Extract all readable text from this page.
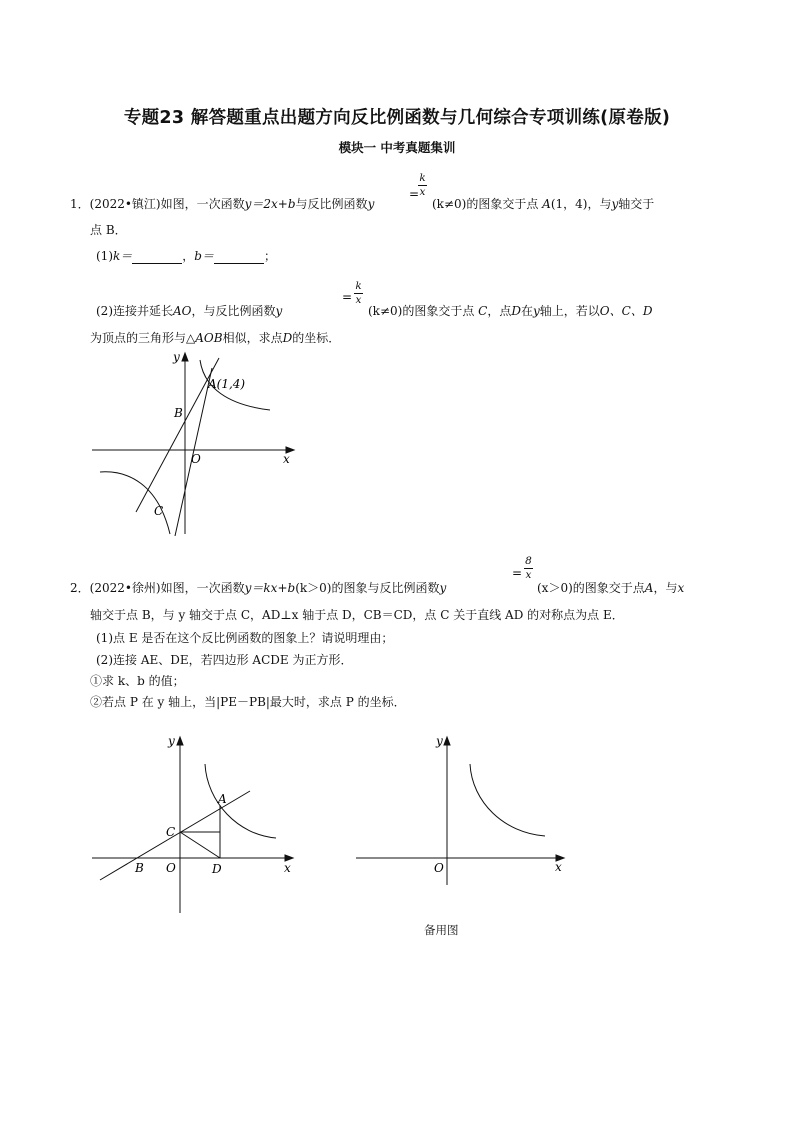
专题23 解答题重点出题方向反比例函数与几何综合专项训练(原卷版)
模块一 中考真题集训
1．(2022•镇江)如图，一次函数y＝2x+b与反比例函数y
=
k
x
(k≠0)的图象交于点 A(1，4)，与y轴交于
点 B．
(1)k＝	，b＝	；
(2)连接并延长AO，与反比例函数y
=
k
x
(k≠0)的图象交于点 C，点D在y轴上，若以O、C、D
为顶点的三角形与△AOB相似，求点D的坐标．
y
x
O
A(1,4)
B
C
2．(2022•徐州)如图，一次函数y＝kx+b(k＞0)的图象与反比例函数y
=
8
x
(x＞0)的图象交于点A，与x
轴交于点 B，与 y 轴交于点 C，AD⊥x 轴于点 D，CB＝CD，点 C 关于直线 AD 的对称点为点 E．
(1)点 E 是否在这个反比例函数的图象上？请说明理由；
(2)连接 AE、DE，若四边形 ACDE 为正方形．
①求 k、b 的值；
②若点 P 在 y 轴上，当|PE－PB|最大时，求点 P 的坐标．
y
x
O
A
B
C
D
y
x
O
备用图
